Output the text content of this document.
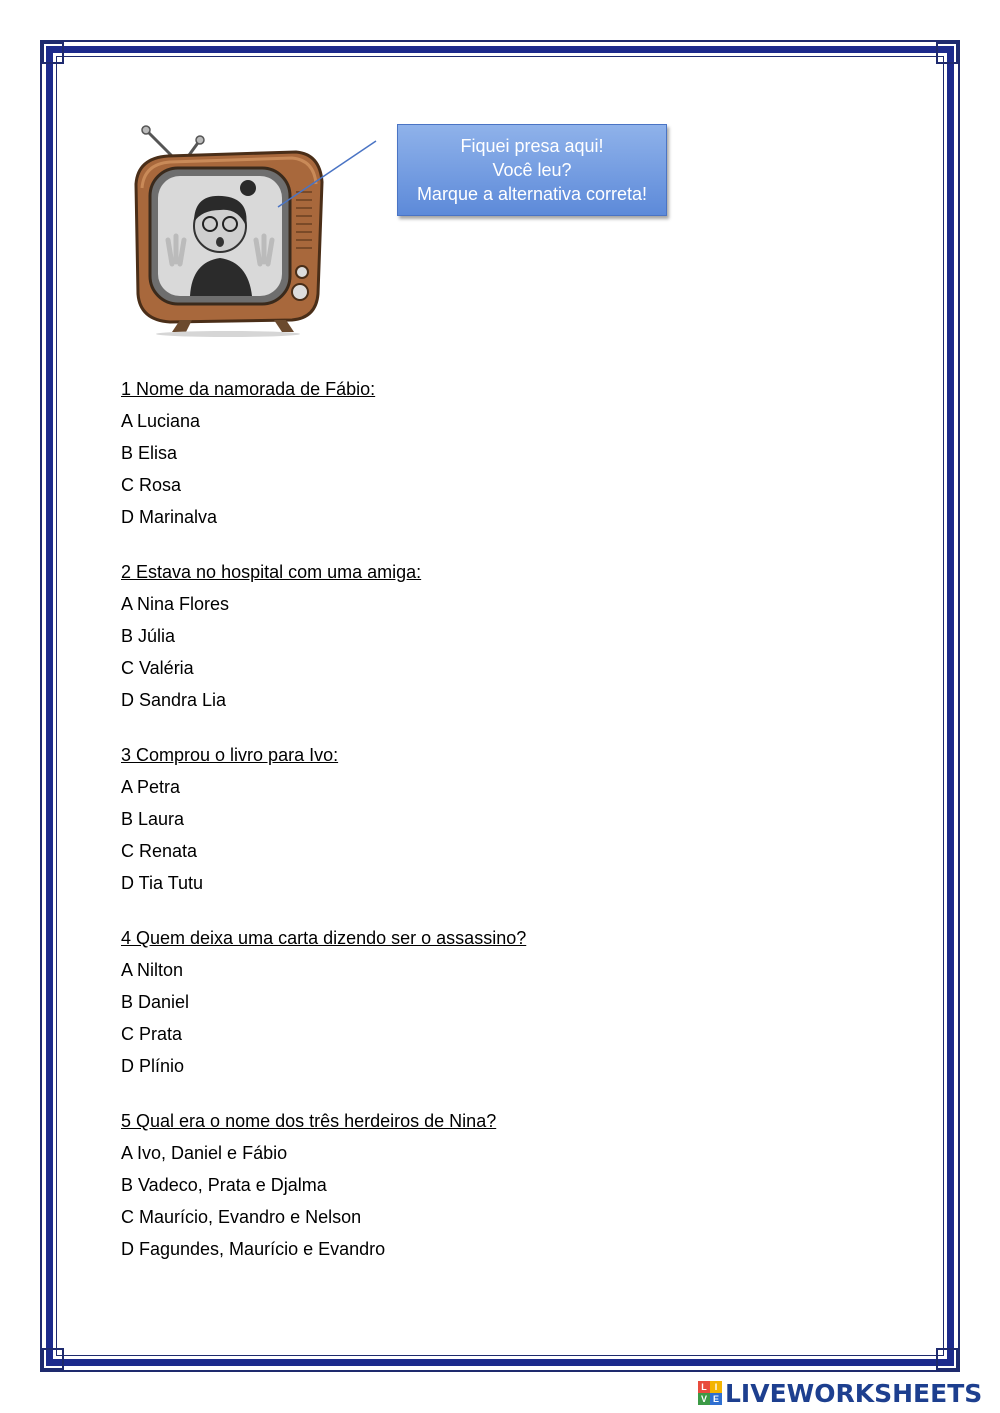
Fiquei presa aqui!
Você leu?
Marque a alternativa correta!
1 Nome da namorada de Fábio:
A Luciana
B Elisa
C Rosa
D Marinalva
2 Estava no hospital com uma amiga:
A Nina Flores
B Júlia
C Valéria
D Sandra Lia
3 Comprou o livro para Ivo:
A Petra
B Laura
C Renata
D Tia Tutu
4 Quem deixa uma carta dizendo ser o assassino?
A Nilton
B Daniel
C Prata
D Plínio
5 Qual era o nome dos três herdeiros de Nina?
A Ivo, Daniel e Fábio
B Vadeco, Prata e Djalma
C Maurício, Evandro e Nelson
D Fagundes, Maurício e Evandro
L I
V E LIVEWORKSHEETS
